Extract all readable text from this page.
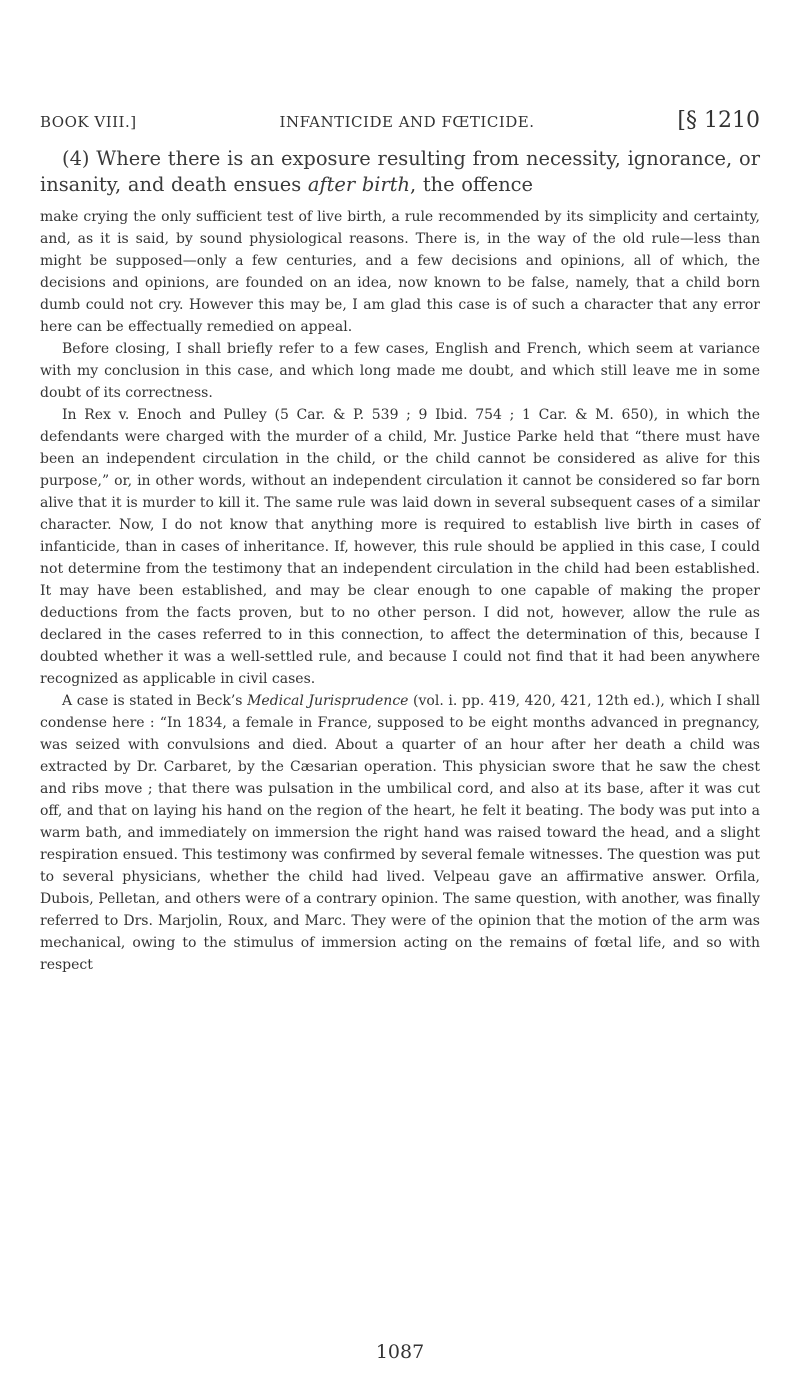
BOOK VIII.]	INFANTICIDE AND FŒTICIDE.	[§ 1210
(4) Where there is an exposure resulting from necessity, ignorance, or insanity, and death ensues after birth, the offence

make crying the only sufficient test of live birth, a rule recommended by its simplicity and certainty, and, as it is said, by sound physiological reasons. There is, in the way of the old rule—less than might be supposed—only a few centuries, and a few decisions and opinions, all of which, the decisions and opinions, are founded on an idea, now known to be false, namely, that a child born dumb could not cry. However this may be, I am glad this case is of such a character that any error here can be effectually remedied on appeal.

Before closing, I shall briefly refer to a few cases, English and French, which seem at variance with my conclusion in this case, and which long made me doubt, and which still leave me in some doubt of its correctness.

In Rex v. Enoch and Pulley (5 Car. & P. 539 ; 9 Ibid. 754 ; 1 Car. & M. 650), in which the defendants were charged with the murder of a child, Mr. Justice Parke held that “there must have been an independent circulation in the child, or the child cannot be considered as alive for this purpose,” or, in other words, without an independent circulation it cannot be considered so far born alive that it is murder to kill it. The same rule was laid down in several subsequent cases of a similar character. Now, I do not know that anything more is required to establish live birth in cases of infanticide, than in cases of inheritance. If, however, this rule should be applied in this case, I could not determine from the testimony that an independent circulation in the child had been established. It may have been established, and may be clear enough to one capable of making the proper deductions from the facts proven, but to no other person. I did not, however, allow the rule as declared in the cases referred to in this connection, to affect the determination of this, because I doubted whether it was a well-settled rule, and because I could not find that it had been anywhere recognized as applicable in civil cases.

A case is stated in Beck’s Medical Jurisprudence (vol. i. pp. 419, 420, 421, 12th ed.), which I shall condense here : “In 1834, a female in France, supposed to be eight months advanced in pregnancy, was seized with convulsions and died. About a quarter of an hour after her death a child was extracted by Dr. Carbaret, by the Cæsarian operation. This physician swore that he saw the chest and ribs move ; that there was pulsation in the umbilical cord, and also at its base, after it was cut off, and that on laying his hand on the region of the heart, he felt it beating. The body was put into a warm bath, and immediately on immersion the right hand was raised toward the head, and a slight respiration ensued. This testimony was confirmed by several female witnesses. The question was put to several physicians, whether the child had lived. Velpeau gave an affirmative answer. Orfila, Dubois, Pelletan, and others were of a contrary opinion. The same question, with another, was finally referred to Drs. Marjolin, Roux, and Marc. They were of the opinion that the motion of the arm was mechanical, owing to the stimulus of immersion acting on the remains of fœtal life, and so with respect

1087
